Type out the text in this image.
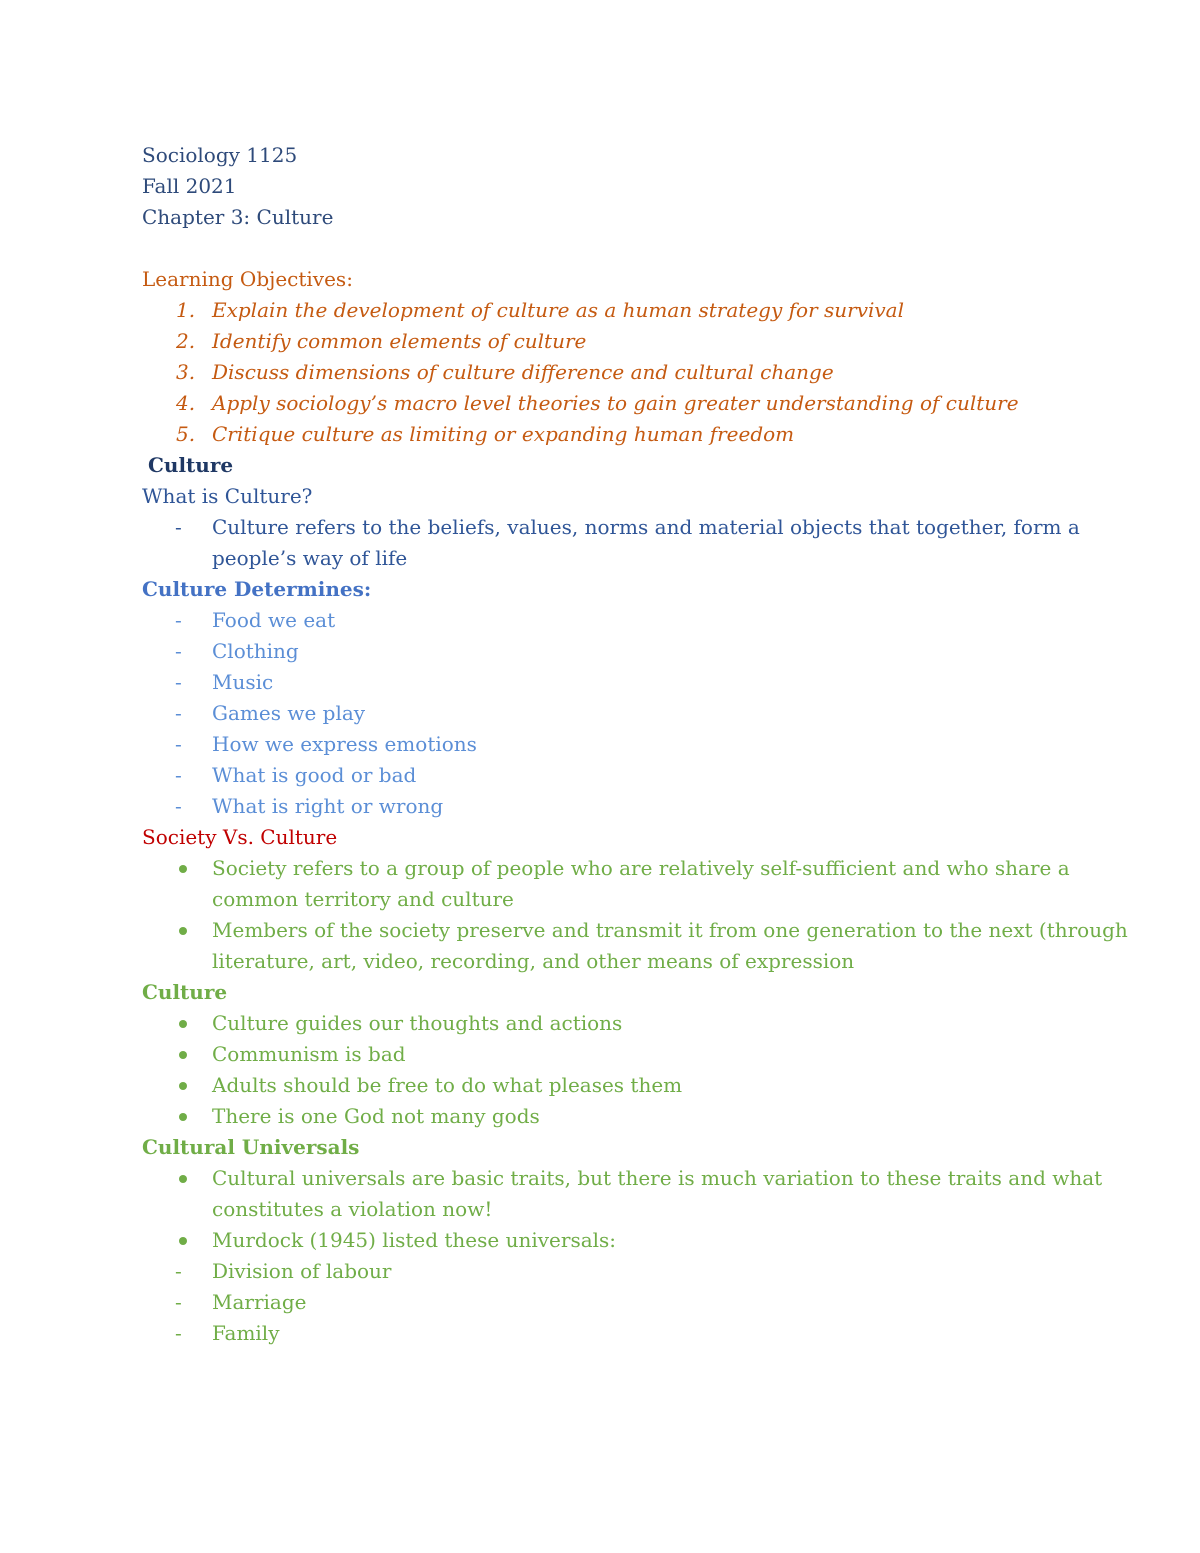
Sociology 1125
Fall 2021
Chapter 3: Culture
Learning Objectives:
1. Explain the development of culture as a human strategy for survival
2. Identify common elements of culture
3. Discuss dimensions of culture difference and cultural change
4. Apply sociology’s macro level theories to gain greater understanding of culture
5. Critique culture as limiting or expanding human freedom
Culture
What is Culture?
- Culture refers to the beliefs, values, norms and material objects that together, form a
people’s way of life
Culture Determines:
- Food we eat
- Clothing
- Music
- Games we play
- How we express emotions
- What is good or bad
- What is right or wrong
Society Vs. Culture
Society refers to a group of people who are relatively self-sufficient and who share a
common territory and culture
Members of the society preserve and transmit it from one generation to the next (through
literature, art, video, recording, and other means of expression
Culture
Culture guides our thoughts and actions
Communism is bad
Adults should be free to do what pleases them
There is one God not many gods
Cultural Universals
Cultural universals are basic traits, but there is much variation to these traits and what
constitutes a violation now!
Murdock (1945) listed these universals:
- Division of labour
- Marriage
- Family
